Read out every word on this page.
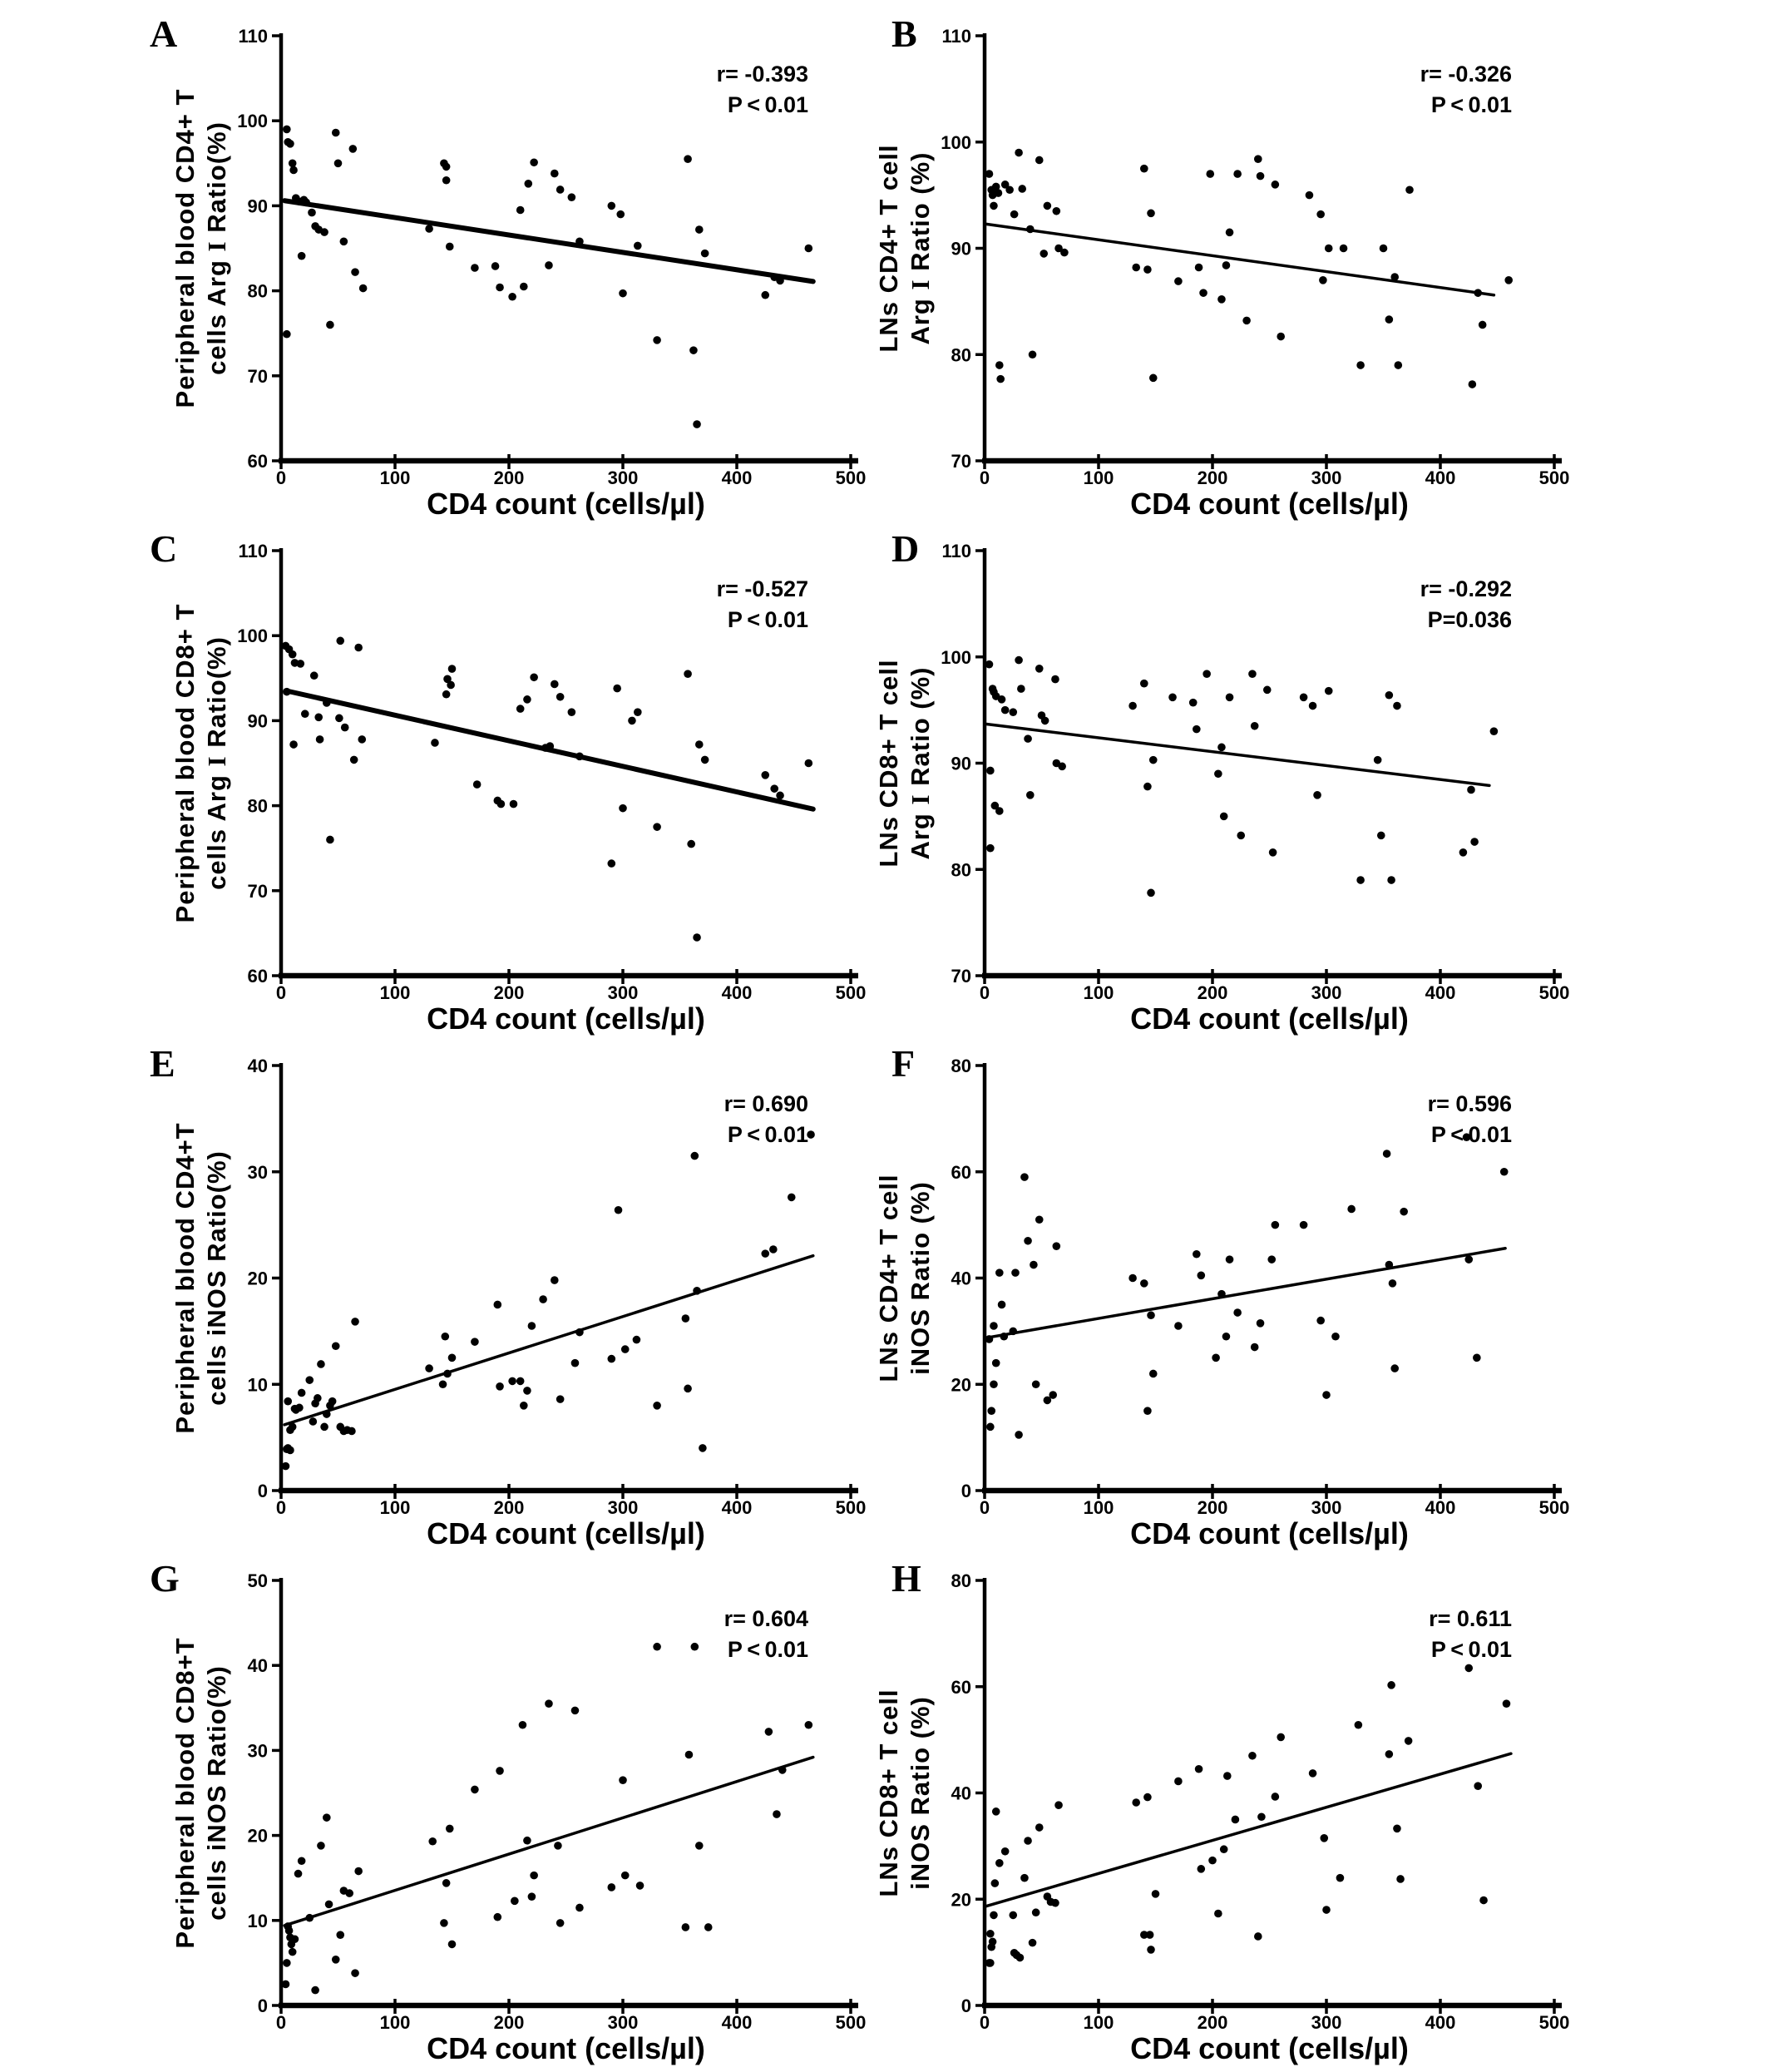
A
60
70
80
90
100
110
0	100	200	300	400	500
r= -0.393
P < 0.01
CD4 count (cells/µl)
Peripheral blood CD4+ T cells Arg I Ratio(%)
B
70
80
90
100
110
0	100	200	300	400	500
r= -0.326
P < 0.01
CD4 count (cells/µl)
LNs CD4+ T cell Arg I Ratio (%)
C
60
70
80
90
100
110
0	100	200	300	400	500
r= -0.527
P < 0.01
CD4 count (cells/µl)
Peripheral blood CD8+ T cells Arg I Ratio(%)
D
70
80
90
100
110
0	100	200	300	400	500
r= -0.292
P=0.036
CD4 count (cells/µl)
LNs CD8+ T cell Arg I Ratio (%)
E
0
10
20
30
40
0	100	200	300	400	500
r= 0.690
P < 0.01
CD4 count (cells/µl)
Peripheral blood CD4+T cells iNOS Ratio(%)
F
0
20
40
60
80
0	100	200	300	400	500
r= 0.596
P < 0.01
CD4 count (cells/µl)
LNs CD4+ T cell iNOS Ratio (%)
G
0
10
20
30
40
50
0	100	200	300	400	500
r= 0.604
P < 0.01
CD4 count (cells/µl)
Peripheral blood CD8+T cells iNOS Ratio(%)
H
0
20
40
60
80
0	100	200	300	400	500
r= 0.611
P < 0.01
CD4 count (cells/µl)
LNs CD8+ T cell iNOS Ratio (%)
